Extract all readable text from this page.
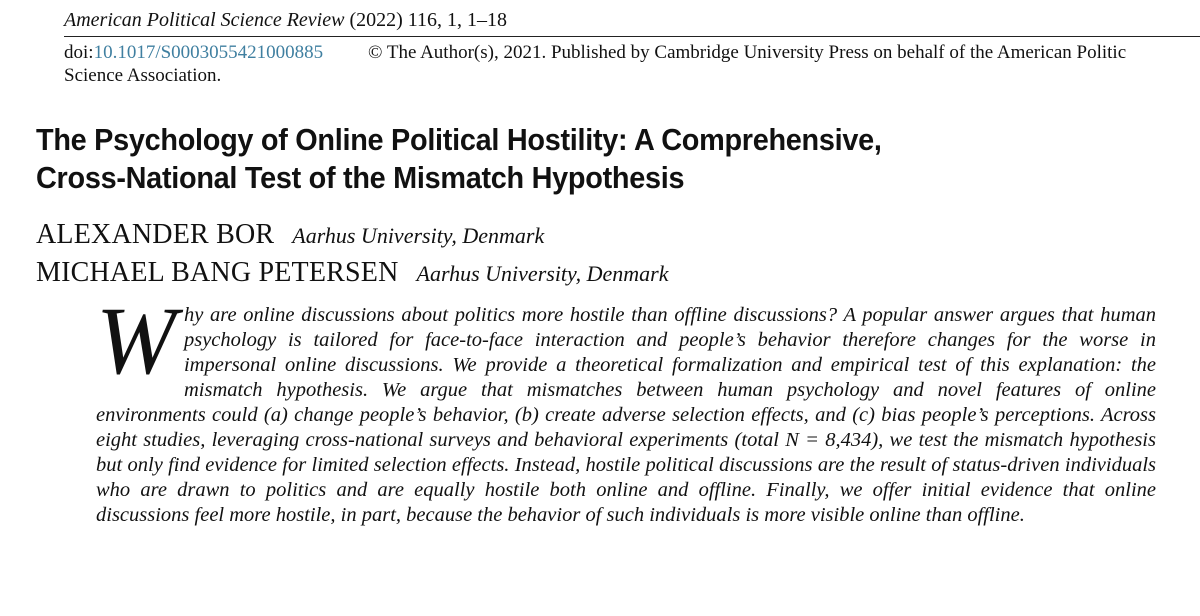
American Political Science Review (2022) 116, 1, 1–18
doi:10.1017/S0003055421000885 © The Author(s), 2021. Published by Cambridge University Press on behalf of the American Politic
Science Association.
The Psychology of Online Political Hostility: A Comprehensive,
Cross-National Test of the Mismatch Hypothesis
ALEXANDER BOR Aarhus University, Denmark
MICHAEL BANG PETERSEN Aarhus University, Denmark
Why are online discussions about politics more hostile than offline discussions? A popular answer argues that human psychology is tailored for face-to-face interaction and people’s behavior therefore changes for the worse in impersonal online discussions. We provide a theoretical formalization and empirical test of this explanation: the mismatch hypothesis. We argue that mismatches between human psychology and novel features of online environments could (a) change people’s behavior, (b) create adverse selection effects, and (c) bias people’s perceptions. Across eight studies, leveraging cross-national surveys and behavioral experiments (total N = 8,434), we test the mismatch hypothesis but only find evidence for limited selection effects. Instead, hostile political discussions are the result of status-driven individuals who are drawn to politics and are equally hostile both online and offline. Finally, we offer initial evidence that online discussions feel more hostile, in part, because the behavior of such individuals is more visible online than offline.
